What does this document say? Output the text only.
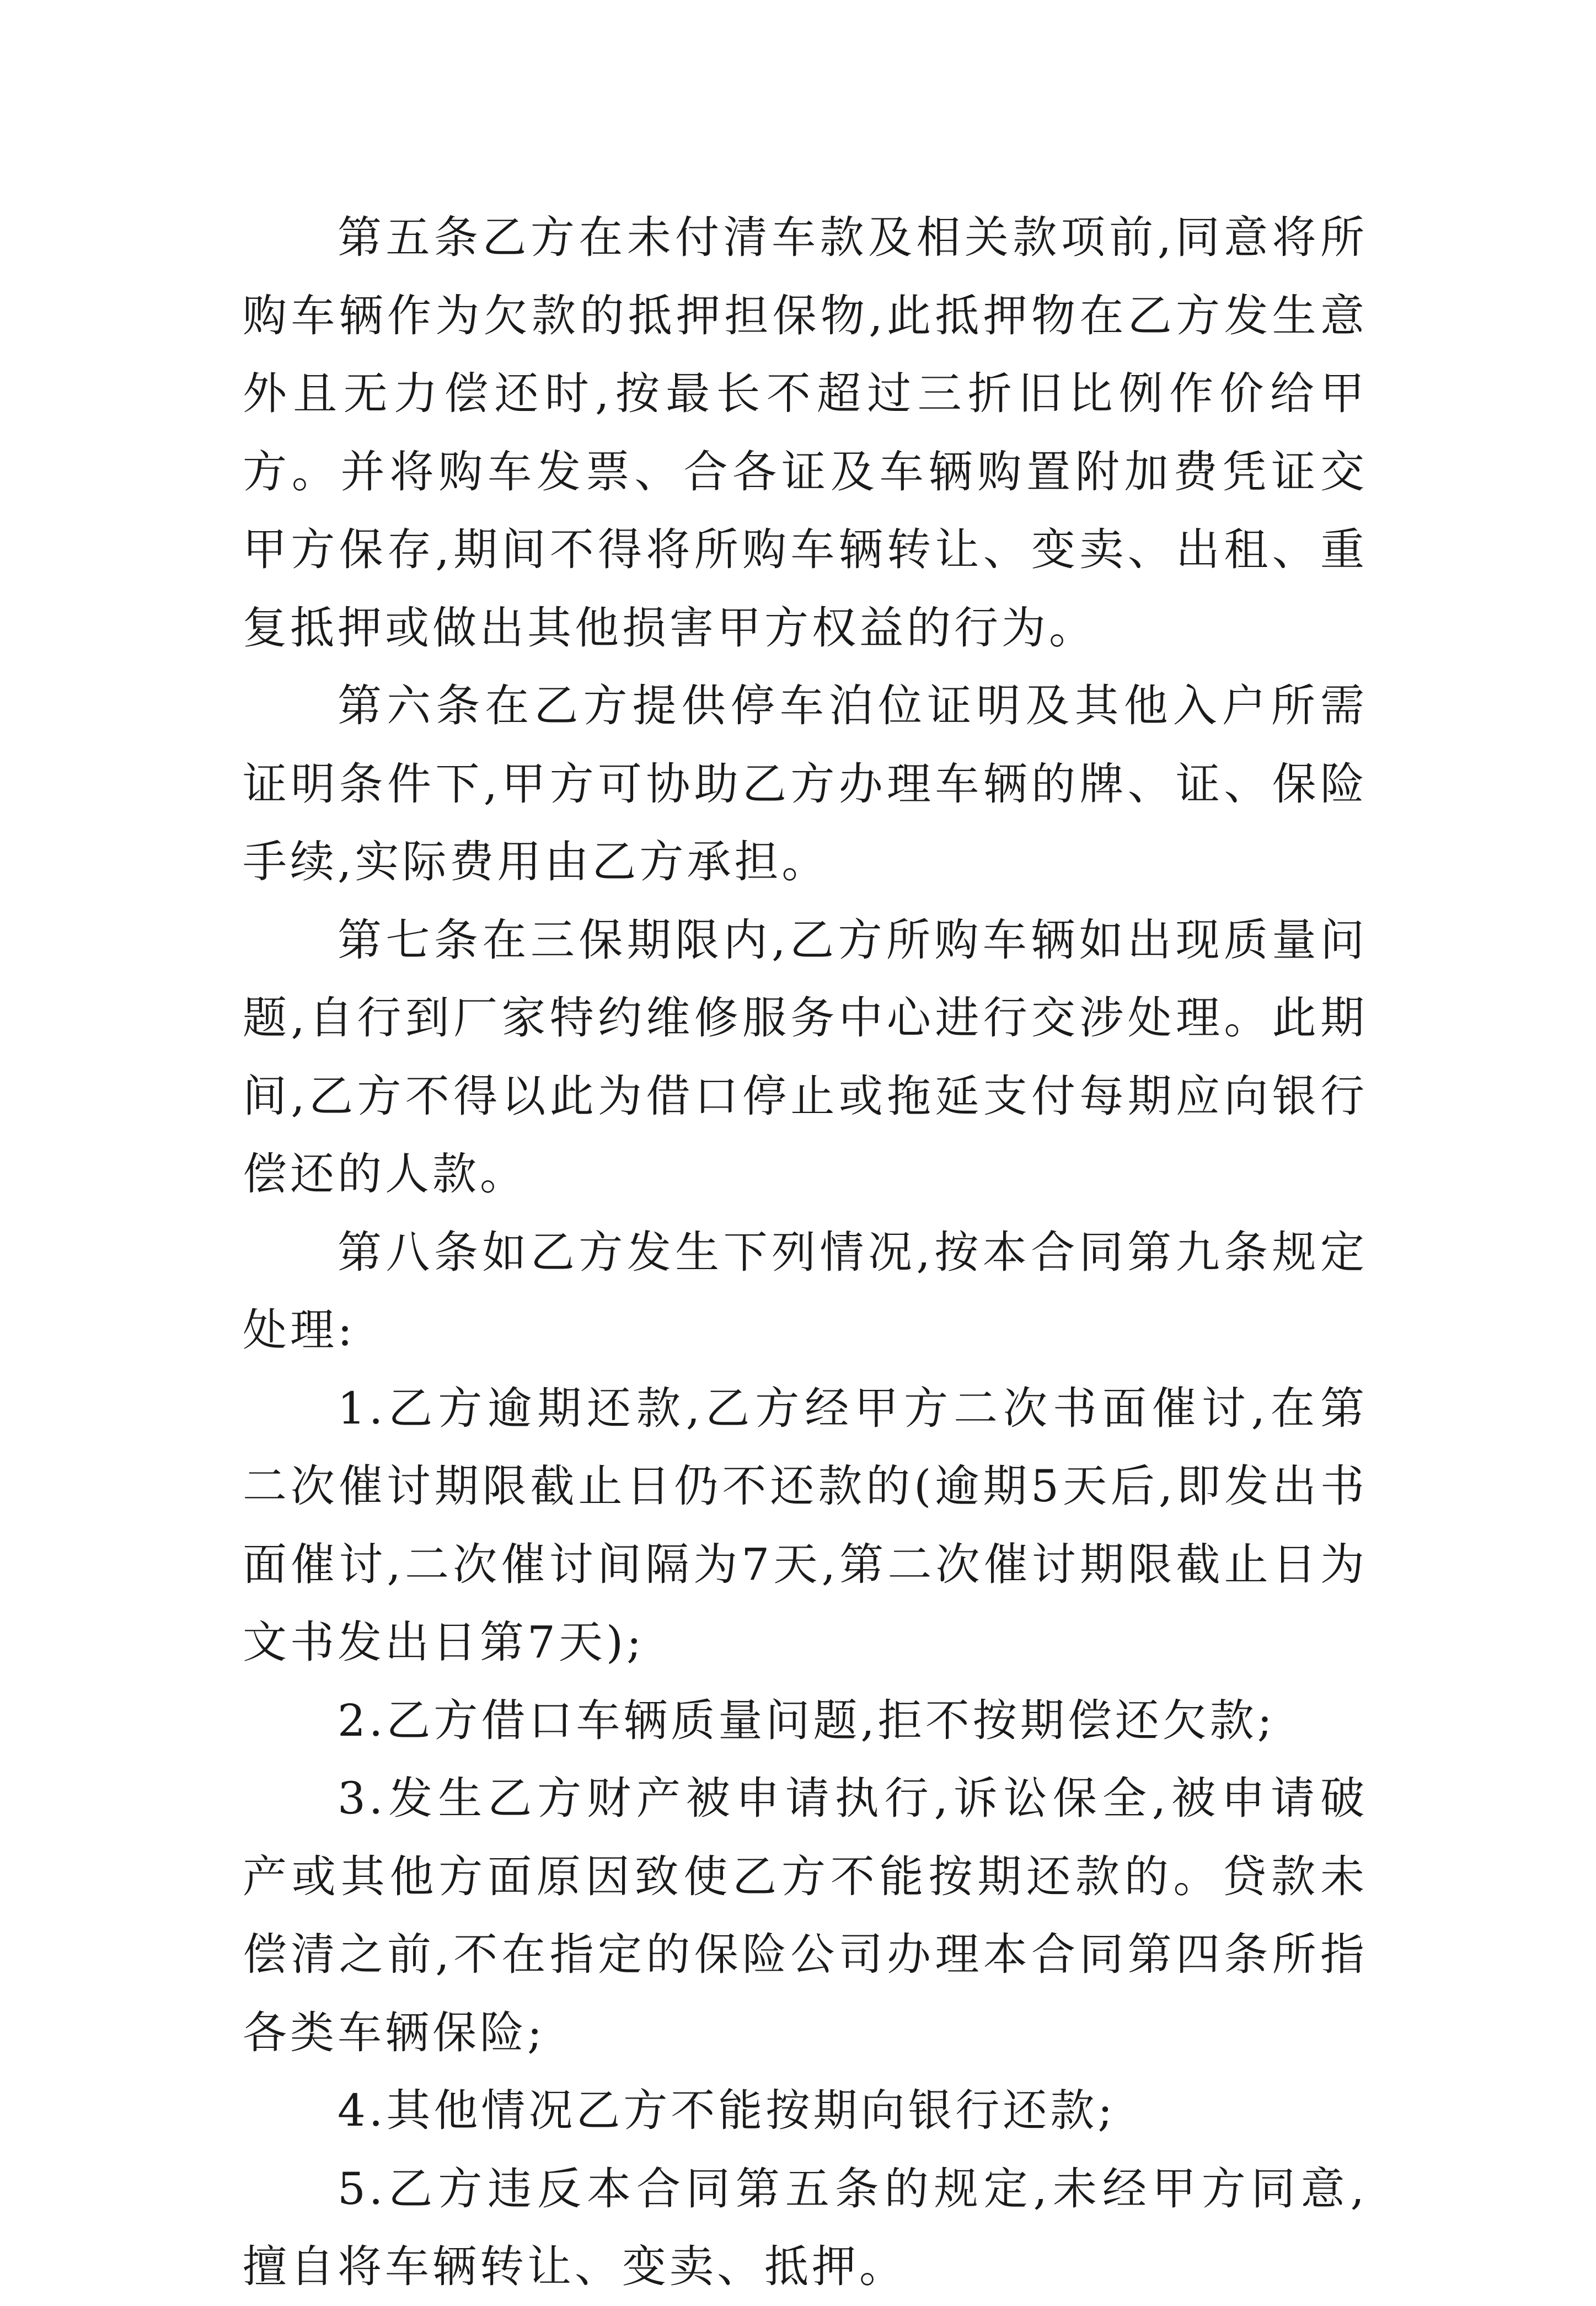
第五条乙方在未付清车款及相关款项前,同意将所购车辆作为欠款的抵押担保物,此抵押物在乙方发生意外且无力偿还时,按最长不超过三折旧比例作价给甲方。并将购车发票、合各证及车辆购置附加费凭证交甲方保存,期间不得将所购车辆转让、变卖、出租、重复抵押或做出其他损害甲方权益的行为。

第六条在乙方提供停车泊位证明及其他入户所需证明条件下,甲方可协助乙方办理车辆的牌、证、保险手续,实际费用由乙方承担。

第七条在三保期限内,乙方所购车辆如出现质量问题,自行到厂家特约维修服务中心进行交涉处理。此期间,乙方不得以此为借口停止或拖延支付每期应向银行偿还的人款。

第八条如乙方发生下列情况,按本合同第九条规定处理:

1.乙方逾期还款,乙方经甲方二次书面催讨,在第二次催讨期限截止日仍不还款的(逾期5天后,即发出书面催讨,二次催讨间隔为7天,第二次催讨期限截止日为文书发出日第7天);

2.乙方借口车辆质量问题,拒不按期偿还欠款;

3.发生乙方财产被申请执行,诉讼保全,被申请破产或其他方面原因致使乙方不能按期还款的。贷款未偿清之前,不在指定的保险公司办理本合同第四条所指各类车辆保险;

4.其他情况乙方不能按期向银行还款;

5.乙方违反本合同第五条的规定,未经甲方同意,擅自将车辆转让、变卖、抵押。
